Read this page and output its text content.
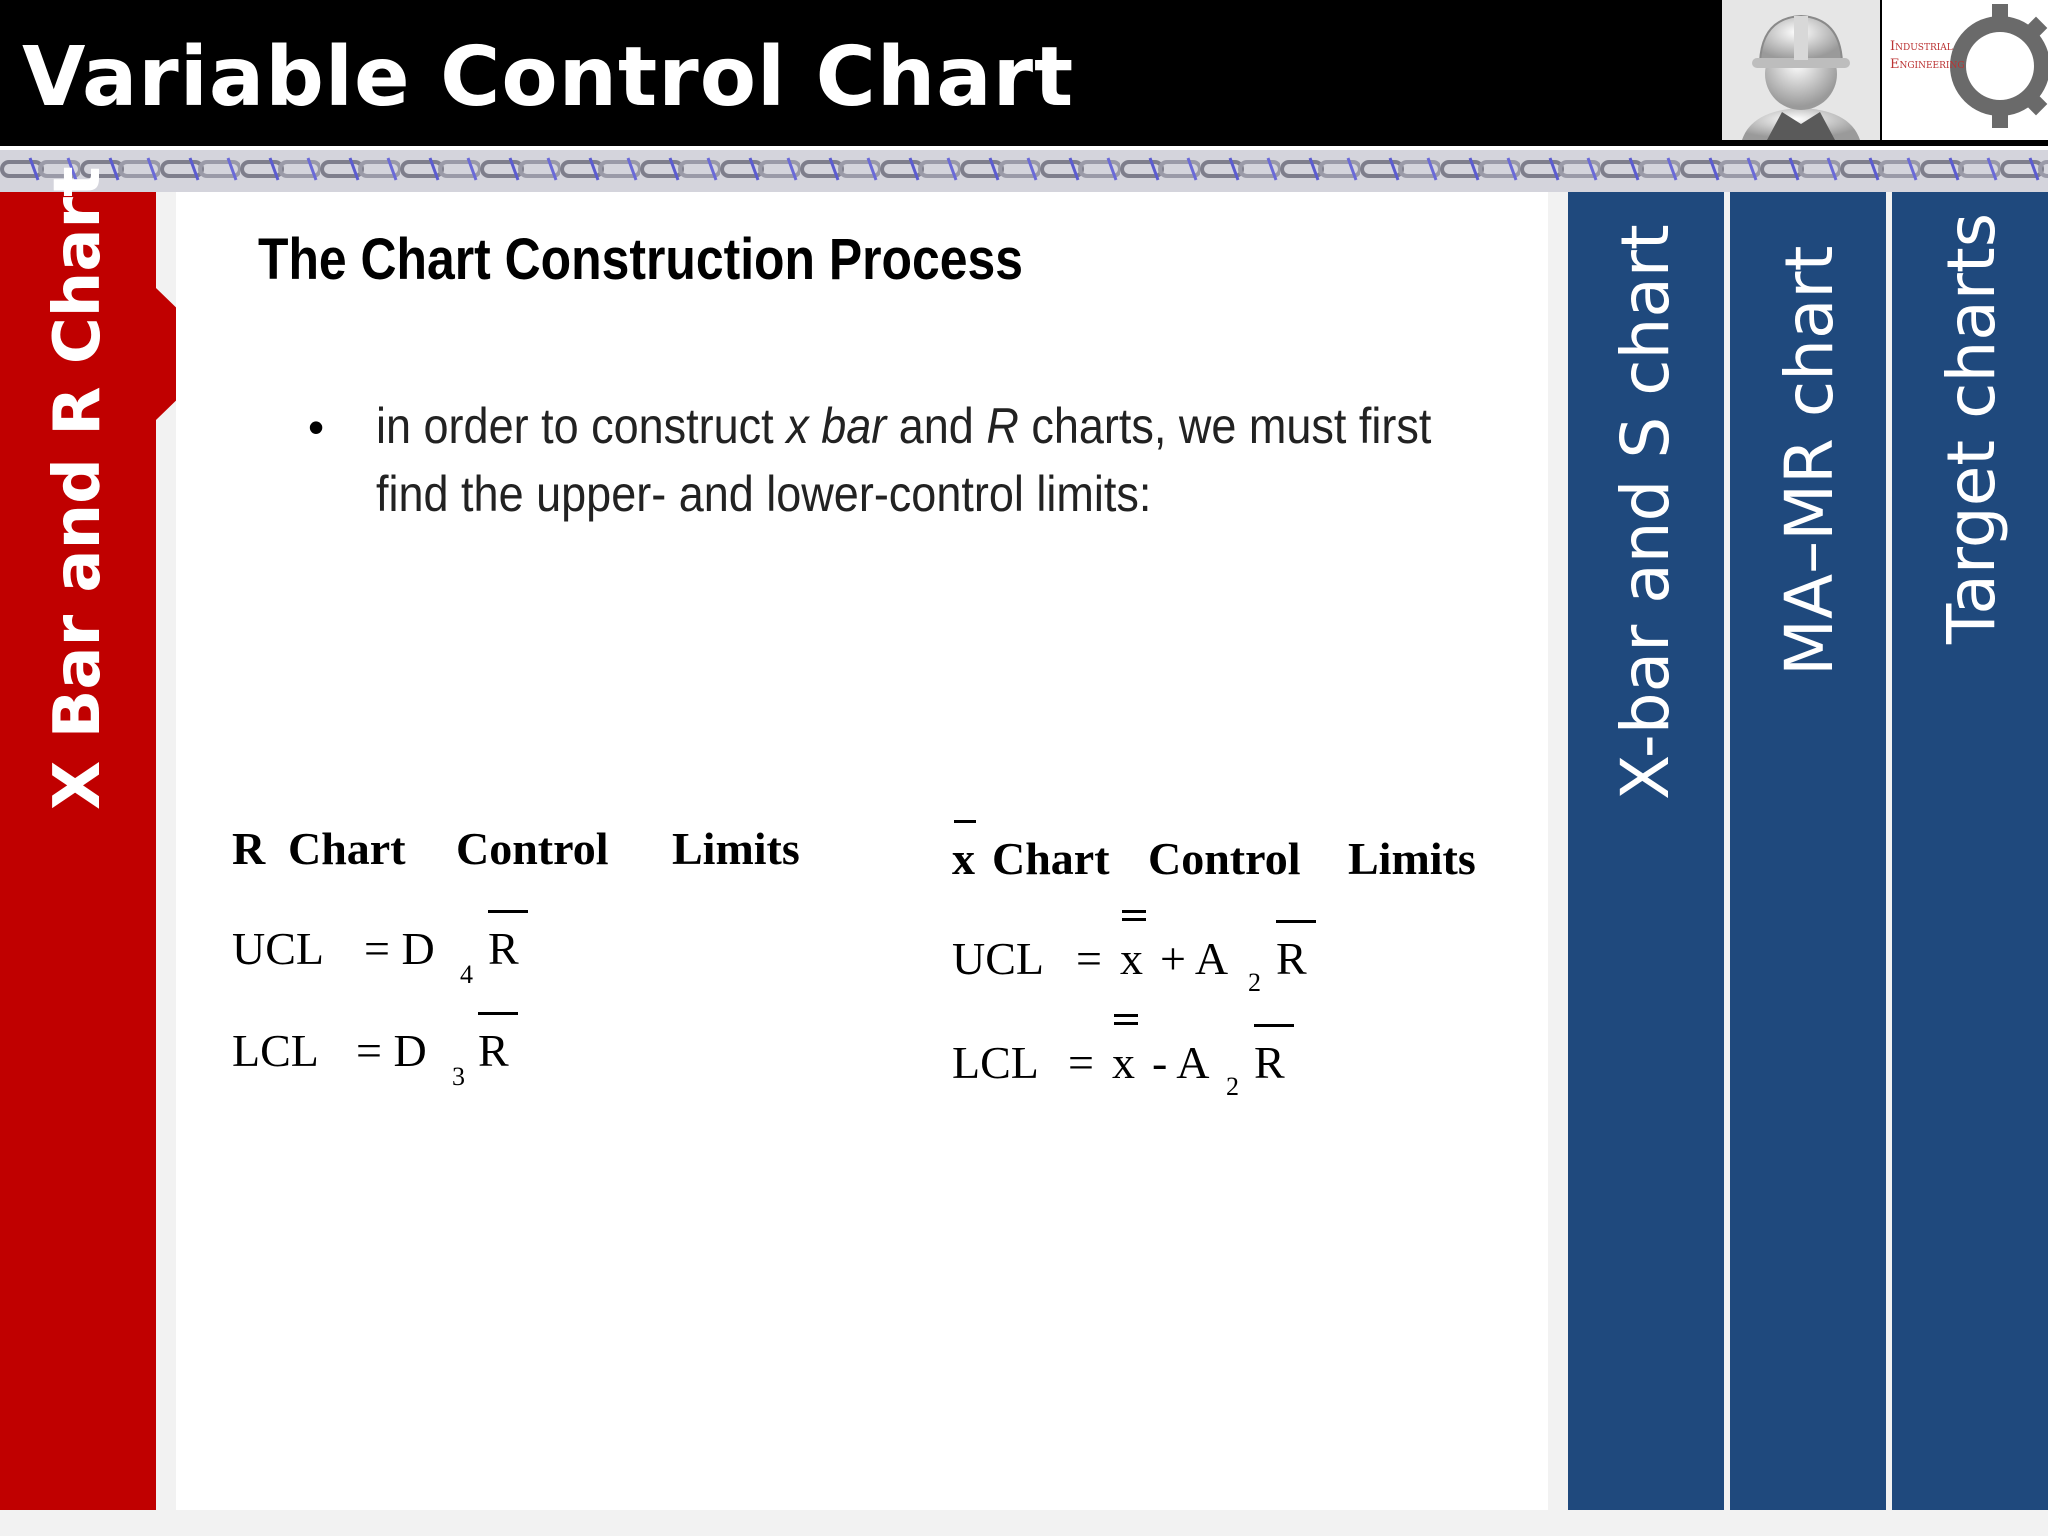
Variable Control Chart	Industrial
Engineering
X Bar and R Chart The Chart Construction Process
• in order to construct x bar and R charts, we must first find the upper- and lower-control limits:
R Chart Control Limits
UCL = D
4
R
LCL = D
3
R
x Chart Control Limits
UCL = x + A 2 R
LCL = x - A 2 R
X-bar and S chart MA–MR chart Target charts
